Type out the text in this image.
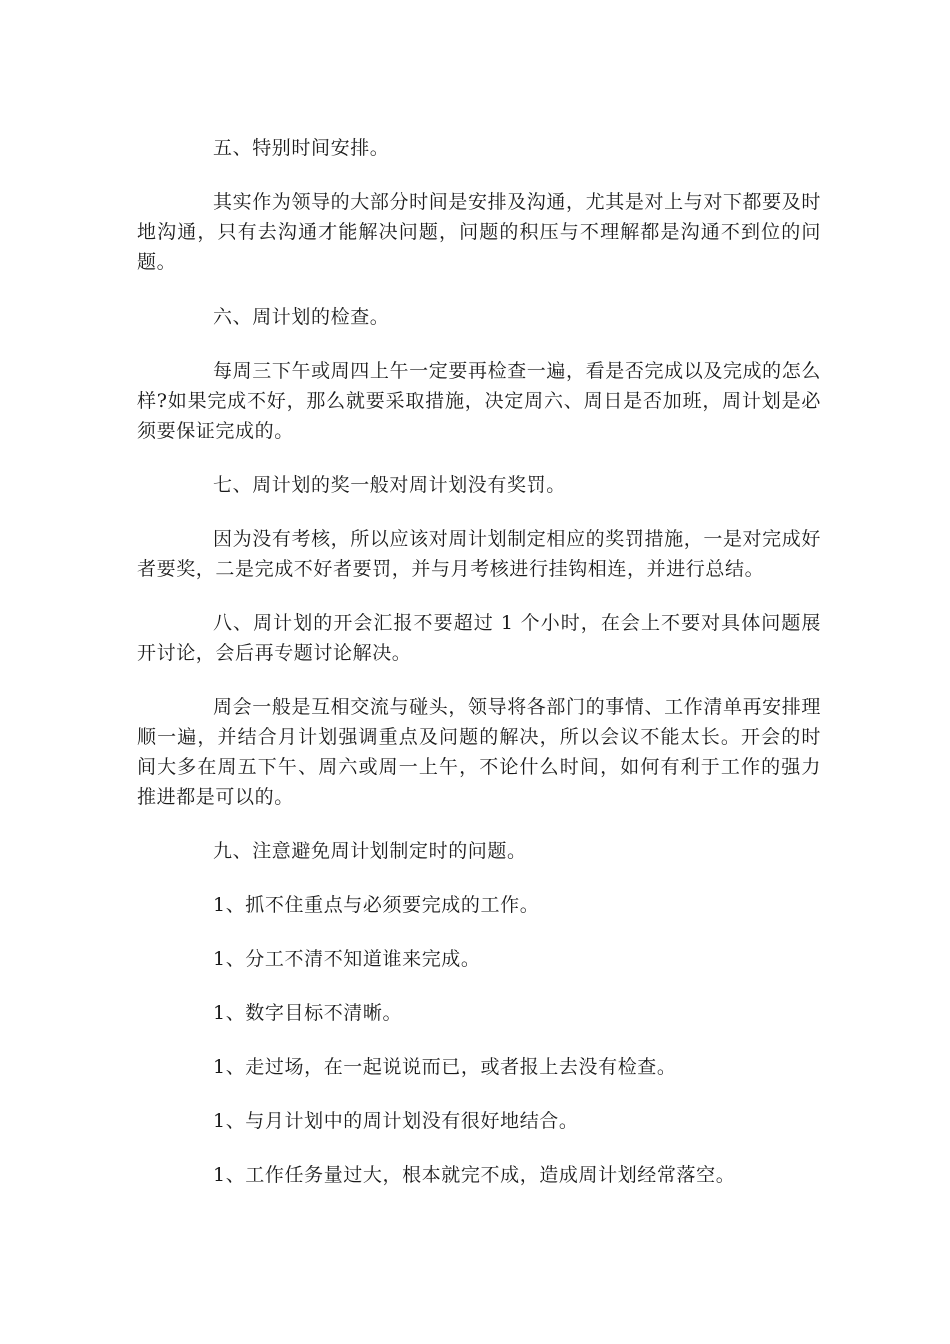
五、特别时间安排。

其实作为领导的大部分时间是安排及沟通，尤其是对上与对下都要及时地沟通，只有去沟通才能解决问题，问题的积压与不理解都是沟通不到位的问题。

六、周计划的检查。

每周三下午或周四上午一定要再检查一遍，看是否完成以及完成的怎么样?如果完成不好，那么就要采取措施，决定周六、周日是否加班，周计划是必须要保证完成的。

七、周计划的奖一般对周计划没有奖罚。

因为没有考核，所以应该对周计划制定相应的奖罚措施，一是对完成好者要奖，二是完成不好者要罚，并与月考核进行挂钩相连，并进行总结。

八、周计划的开会汇报不要超过 1 个小时，在会上不要对具体问题展开讨论，会后再专题讨论解决。

周会一般是互相交流与碰头，领导将各部门的事情、工作清单再安排理顺一遍，并结合月计划强调重点及问题的解决，所以会议不能太长。开会的时间大多在周五下午、周六或周一上午，不论什么时间，如何有利于工作的强力推进都是可以的。

九、注意避免周计划制定时的问题。

1、抓不住重点与必须要完成的工作。

1、分工不清不知道谁来完成。

1、数字目标不清晰。

1、走过场，在一起说说而已，或者报上去没有检查。

1、与月计划中的周计划没有很好地结合。

1、工作任务量过大，根本就完不成，造成周计划经常落空。
